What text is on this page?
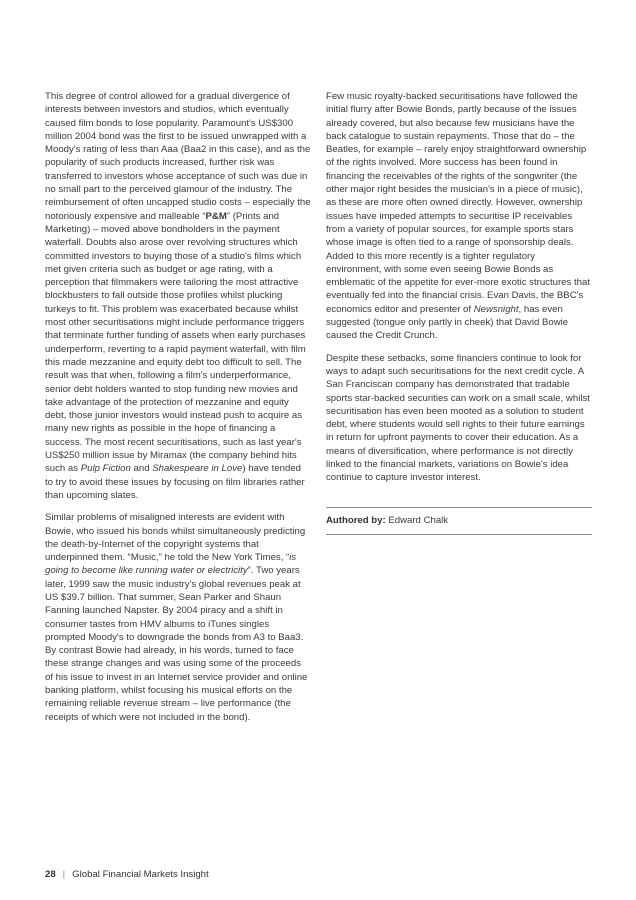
This degree of control allowed for a gradual divergence of interests between investors and studios, which eventually caused film bonds to lose popularity. Paramount's US$300 million 2004 bond was the first to be issued unwrapped with a Moody's rating of less than Aaa (Baa2 in this case), and as the popularity of such products increased, further risk was transferred to investors whose acceptance of such was due in no small part to the perceived glamour of the industry. The reimbursement of often uncapped studio costs – especially the notoriously expensive and malleable “P&M” (Prints and Marketing) – moved above bondholders in the payment waterfall. Doubts also arose over revolving structures which committed investors to buying those of a studio's films which met given criteria such as budget or age rating, with a perception that filmmakers were tailoring the most attractive blockbusters to fall outside those profiles whilst plucking turkeys to fit. This problem was exacerbated because whilst most other securitisations might include performance triggers that terminate further funding of assets when early purchases underperform, reverting to a rapid payment waterfall, with film this made mezzanine and equity debt too difficult to sell. The result was that when, following a film's underperformance, senior debt holders wanted to stop funding new movies and take advantage of the protection of mezzanine and equity debt, those junior investors would instead push to acquire as many new rights as possible in the hope of financing a success. The most recent securitisations, such as last year's US$250 million issue by Miramax (the company behind hits such as Pulp Fiction and Shakespeare in Love) have tended to try to avoid these issues by focusing on film libraries rather than upcoming slates.

Similar problems of misaligned interests are evident with Bowie, who issued his bonds whilst simultaneously predicting the death-by-Internet of the copyright systems that underpinned them. “Music,” he told the New York Times, “is going to become like running water or electricity”. Two years later, 1999 saw the music industry's global revenues peak at US $39.7 billion. That summer, Sean Parker and Shaun Fanning launched Napster. By 2004 piracy and a shift in consumer tastes from HMV albums to iTunes singles prompted Moody's to downgrade the bonds from A3 to Baa3. By contrast Bowie had already, in his words, turned to face these strange changes and was using some of the proceeds of his issue to invest in an Internet service provider and online banking platform, whilst focusing his musical efforts on the remaining reliable revenue stream – live performance (the receipts of which were not included in the bond).

Few music royalty-backed securitisations have followed the initial flurry after Bowie Bonds, partly because of the issues already covered, but also because few musicians have the back catalogue to sustain repayments. Those that do – the Beatles, for example – rarely enjoy straightforward ownership of the rights involved. More success has been found in financing the receivables of the rights of the songwriter (the other major right besides the musician's in a piece of music), as these are more often owned directly. However, ownership issues have impeded attempts to securitise IP receivables from a variety of popular sources, for example sports stars whose image is often tied to a range of sponsorship deals. Added to this more recently is a tighter regulatory environment, with some even seeing Bowie Bonds as emblematic of the appetite for ever-more exotic structures that eventually fed into the financial crisis. Evan Davis, the BBC's economics editor and presenter of Newsnight, has even suggested (tongue only partly in cheek) that David Bowie caused the Credit Crunch.

Despite these setbacks, some financiers continue to look for ways to adapt such securitisations for the next credit cycle. A San Franciscan company has demonstrated that tradable sports star-backed securities can work on a small scale, whilst securitisation has even been mooted as a solution to student debt, where students would sell rights to their future earnings in return for upfront payments to cover their education. As a means of diversification, where performance is not directly linked to the financial markets, variations on Bowie's idea continue to capture investor interest.

Authored by: Edward Chalk
28 | Global Financial Markets Insight
